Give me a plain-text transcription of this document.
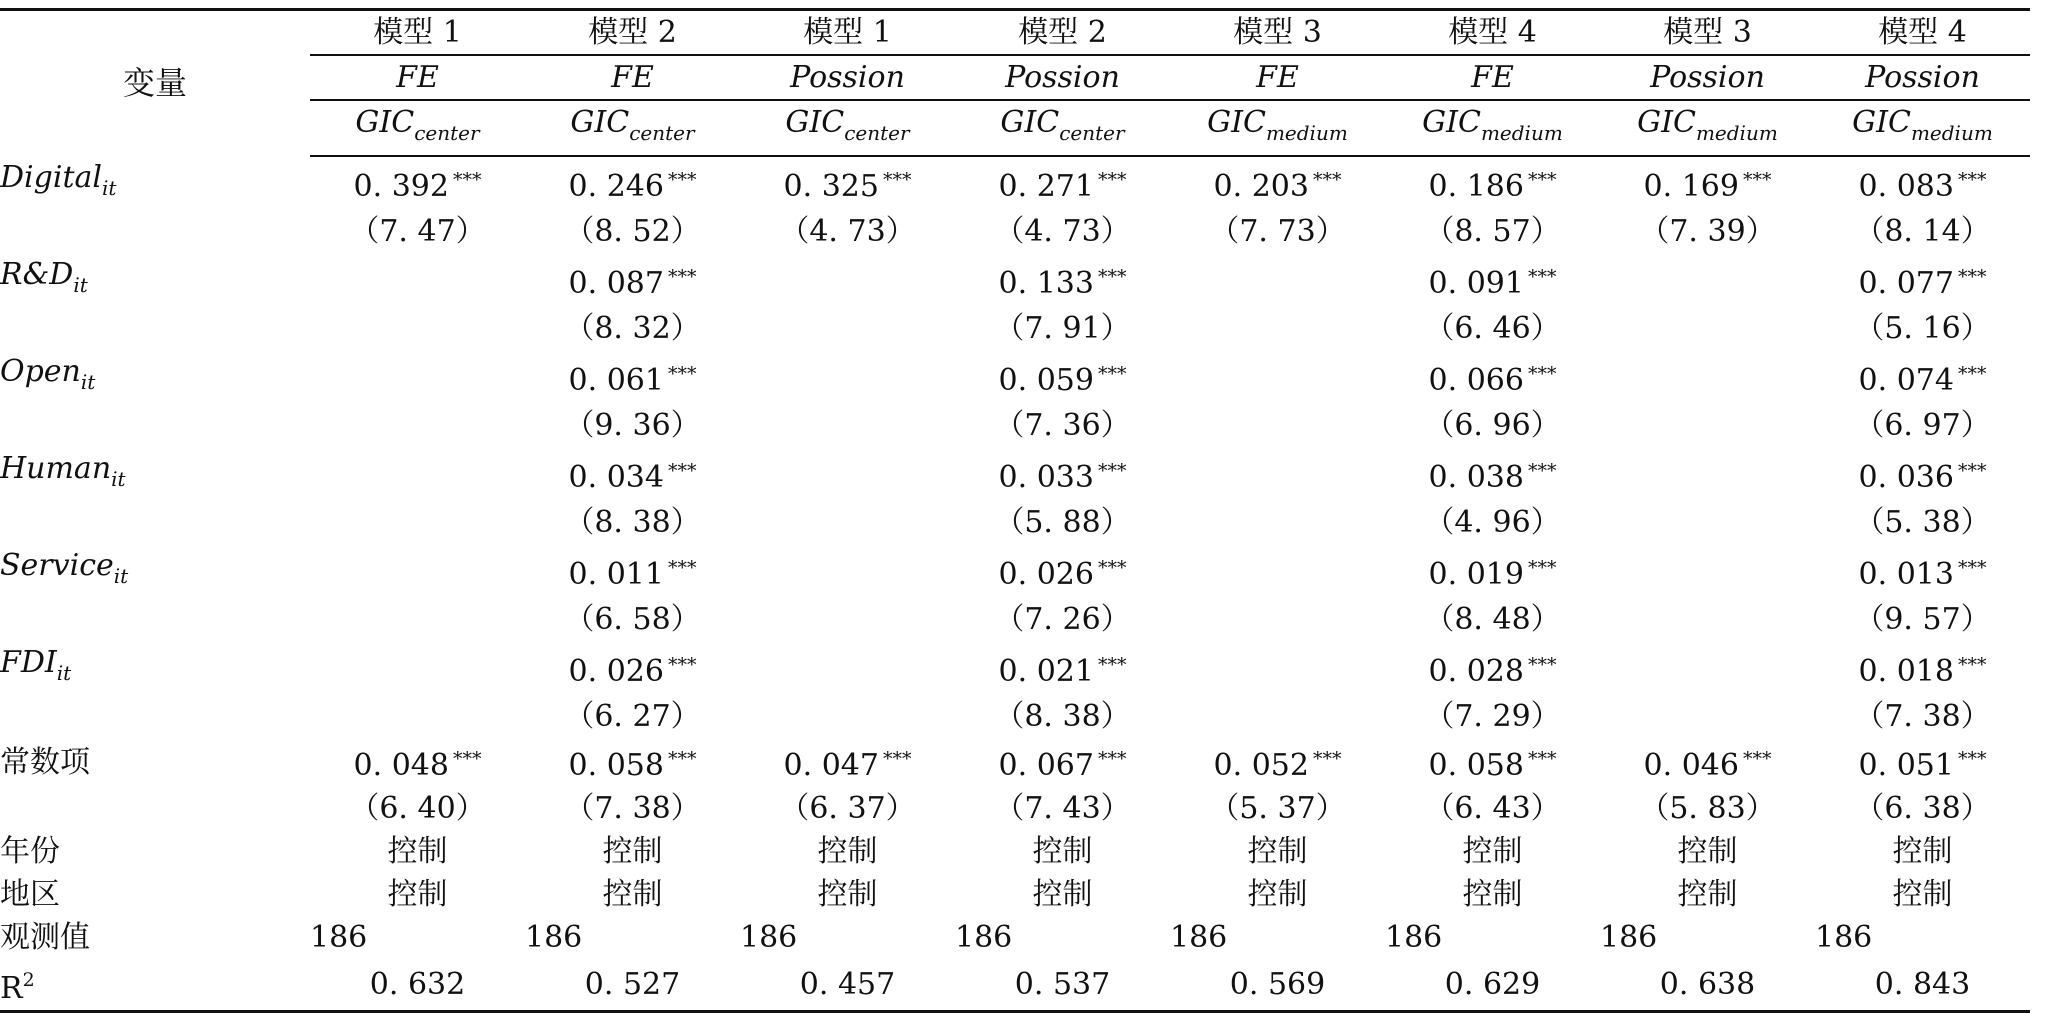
变量	模型 1	模型 2	模型 1	模型 2	模型 3	模型 4	模型 3	模型 4
	FE	FE	Possion	Possion	FE	FE	Possion	Possion
	$GIC_{center}$	$GIC_{center}$	$GIC_{center}$	$GIC_{center}$	$GIC_{medium}$	$GIC_{medium}$	$GIC_{medium}$	$GIC_{medium}$
Digital$_{it}$	0. 392 ***	0. 246 ***	0. 325 ***	0. 271 ***	0. 203 ***	0. 186 ***	0. 169 ***	0. 083 ***
	（7. 47）	（8. 52）	（4. 73）	（4. 73）	（7. 73）	（8. 57）	（7. 39）	（8. 14）
$R\&D_{it}$		0. 087 ***		0. 133 ***		0. 091 ***		0. 077 ***
		（8. 32）		（7. 91）		（6. 46）		（5. 16）
Open$_{it}$		0. 061 ***		0. 059 ***		0. 066 ***		0. 074 ***
		（9. 36）		（7. 36）		（6. 96）		（6. 97）
Human$_{it}$		0. 034 ***		0. 033 ***		0. 038 ***		0. 036 ***
		（8. 38）		（5. 88）		（4. 96）		（5. 38）
Service$_{it}$		0. 011 ***		0. 026 ***		0. 019 ***		0. 013 ***
		（6. 58）		（7. 26）		（8. 48）		（9. 57）
$FDI_{it}$		0. 026 ***		0. 021 ***		0. 028 ***		0. 018 ***
		（6. 27）		（8. 38）		（7. 29）		（7. 38）
常数项	0. 048 ***	0. 058 ***	0. 047 ***	0. 067 ***	0. 052 ***	0. 058 ***	0. 046 ***	0. 051 ***
	（6. 40）	（7. 38）	（6. 37）	（7. 43）	（5. 37）	（6. 43）	（5. 83）	（6. 38）
年份	控制	控制	控制	控制	控制	控制	控制	控制
地区	控制	控制	控制	控制	控制	控制	控制	控制
观测值	186	186	186	186	186	186	186	186
$R^2$	0. 632	0. 527	0. 457	0. 537	0. 569	0. 629	0. 638	0. 843
